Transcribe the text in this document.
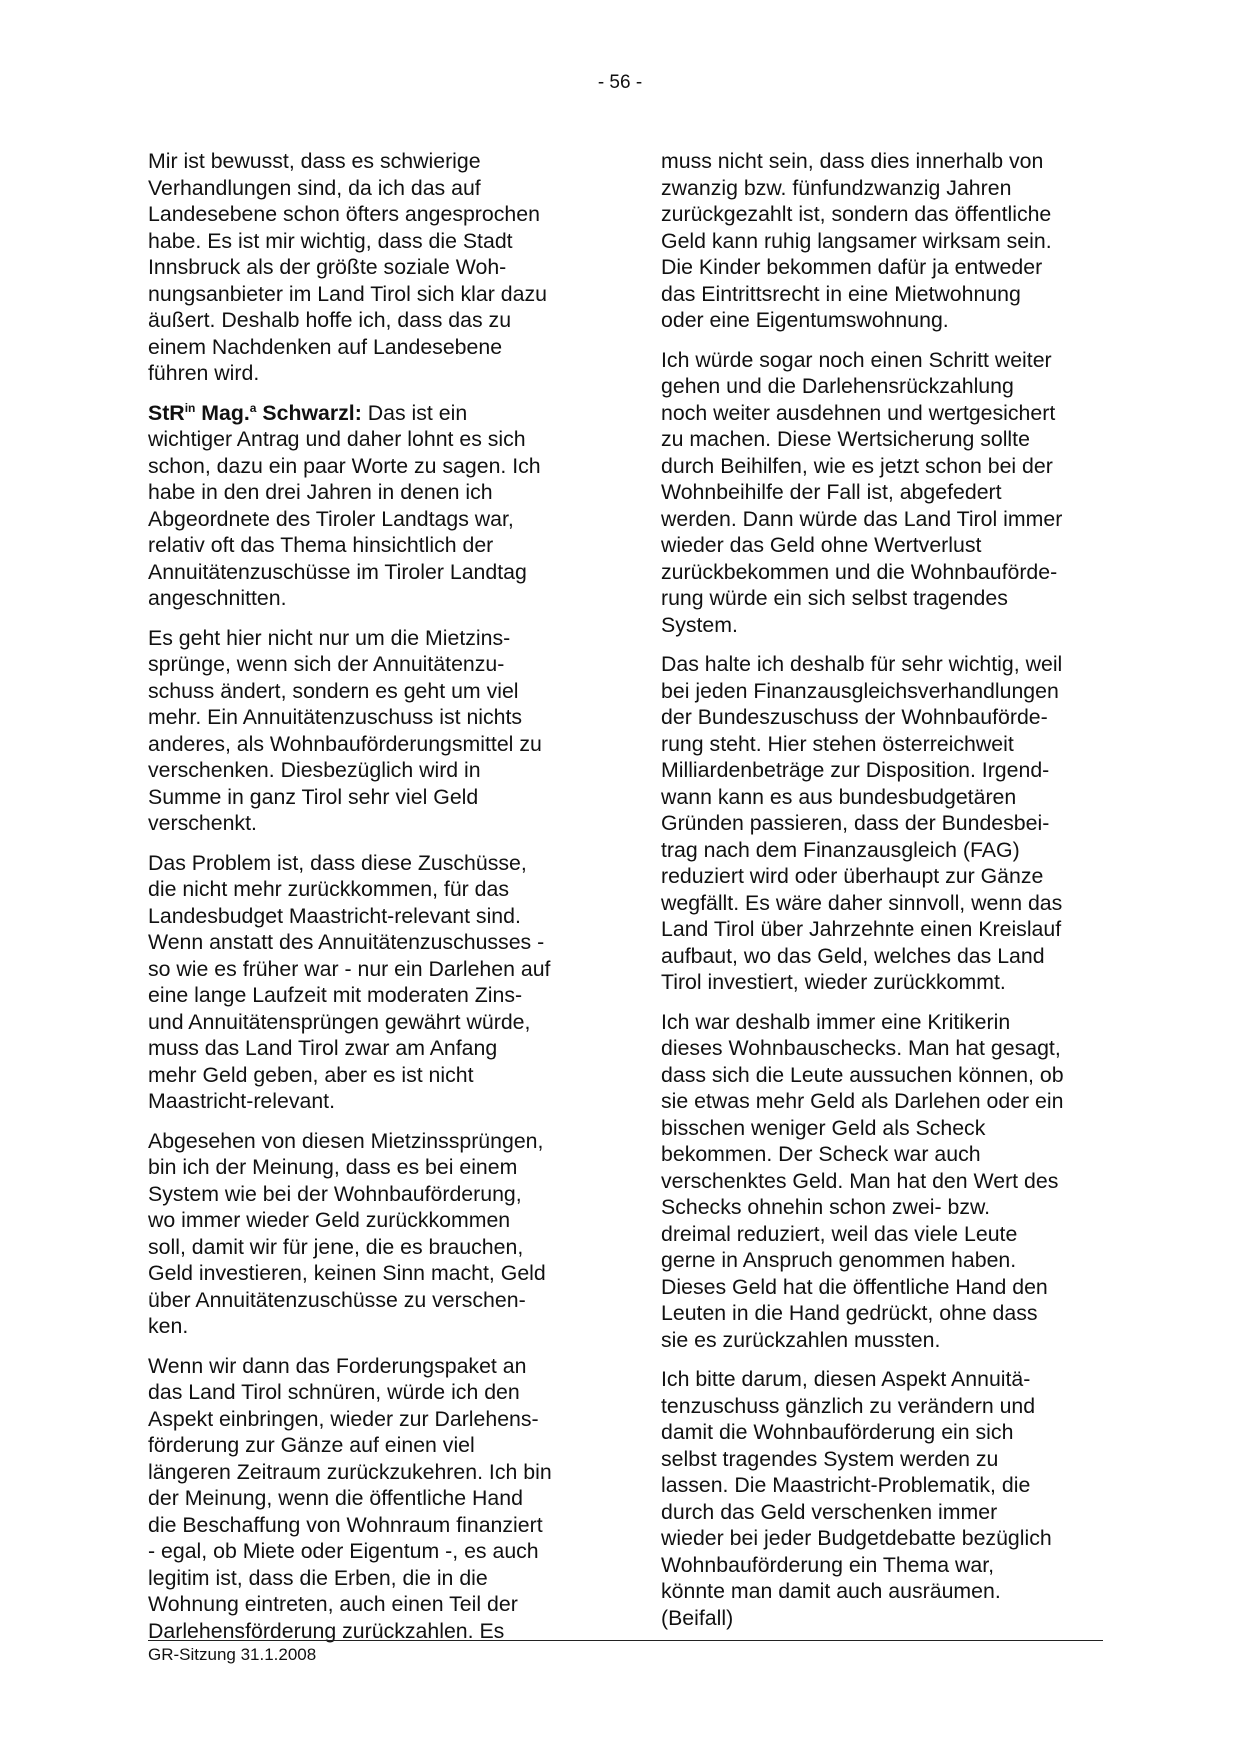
- 56 -

Mir ist bewusst, dass es schwierige
Verhandlungen sind, da ich das auf
Landesebene schon öfters angesprochen
habe. Es ist mir wichtig, dass die Stadt
Innsbruck als der größte soziale Woh-
nungsanbieter im Land Tirol sich klar dazu
äußert. Deshalb hoffe ich, dass das zu
einem Nachdenken auf Landesebene
führen wird.

StR$^{in}$ Mag.$^a$ Schwarzl: Das ist ein
wichtiger Antrag und daher lohnt es sich
schon, dazu ein paar Worte zu sagen. Ich
habe in den drei Jahren in denen ich
Abgeordnete des Tiroler Landtags war,
relativ oft das Thema hinsichtlich der
Annuitätenzuschüsse im Tiroler Landtag
angeschnitten.

Es geht hier nicht nur um die Mietzins-
sprünge, wenn sich der Annuitätenzu-
schuss ändert, sondern es geht um viel
mehr. Ein Annuitätenzuschuss ist nichts
anderes, als Wohnbauförderungsmittel zu
verschenken. Diesbezüglich wird in
Summe in ganz Tirol sehr viel Geld
verschenkt.

Das Problem ist, dass diese Zuschüsse,
die nicht mehr zurückkommen, für das
Landesbudget Maastricht-relevant sind.
Wenn anstatt des Annuitätenzuschusses -
so wie es früher war - nur ein Darlehen auf
eine lange Laufzeit mit moderaten Zins-
und Annuitätensprüngen gewährt würde,
muss das Land Tirol zwar am Anfang
mehr Geld geben, aber es ist nicht
Maastricht-relevant.

Abgesehen von diesen Mietzinssprüngen,
bin ich der Meinung, dass es bei einem
System wie bei der Wohnbauförderung,
wo immer wieder Geld zurückkommen
soll, damit wir für jene, die es brauchen,
Geld investieren, keinen Sinn macht, Geld
über Annuitätenzuschüsse zu verschen-
ken.

Wenn wir dann das Forderungspaket an
das Land Tirol schnüren, würde ich den
Aspekt einbringen, wieder zur Darlehens-
förderung zur Gänze auf einen viel
längeren Zeitraum zurückzukehren. Ich bin
der Meinung, wenn die öffentliche Hand
die Beschaffung von Wohnraum finanziert
- egal, ob Miete oder Eigentum -, es auch
legitim ist, dass die Erben, die in die
Wohnung eintreten, auch einen Teil der
Darlehensförderung zurückzahlen. Es

muss nicht sein, dass dies innerhalb von
zwanzig bzw. fünfundzwanzig Jahren
zurückgezahlt ist, sondern das öffentliche
Geld kann ruhig langsamer wirksam sein.
Die Kinder bekommen dafür ja entweder
das Eintrittsrecht in eine Mietwohnung
oder eine Eigentumswohnung.

Ich würde sogar noch einen Schritt weiter
gehen und die Darlehensrückzahlung
noch weiter ausdehnen und wertgesichert
zu machen. Diese Wertsicherung sollte
durch Beihilfen, wie es jetzt schon bei der
Wohnbeihilfe der Fall ist, abgefedert
werden. Dann würde das Land Tirol immer
wieder das Geld ohne Wertverlust
zurückbekommen und die Wohnbauförde-
rung würde ein sich selbst tragendes
System.

Das halte ich deshalb für sehr wichtig, weil
bei jeden Finanzausgleichsverhandlungen
der Bundeszuschuss der Wohnbauförde-
rung steht. Hier stehen österreichweit
Milliardenbeträge zur Disposition. Irgend-
wann kann es aus bundesbudgetären
Gründen passieren, dass der Bundesbei-
trag nach dem Finanzausgleich (FAG)
reduziert wird oder überhaupt zur Gänze
wegfällt. Es wäre daher sinnvoll, wenn das
Land Tirol über Jahrzehnte einen Kreislauf
aufbaut, wo das Geld, welches das Land
Tirol investiert, wieder zurückkommt.

Ich war deshalb immer eine Kritikerin
dieses Wohnbauschecks. Man hat gesagt,
dass sich die Leute aussuchen können, ob
sie etwas mehr Geld als Darlehen oder ein
bisschen weniger Geld als Scheck
bekommen. Der Scheck war auch
verschenktes Geld. Man hat den Wert des
Schecks ohnehin schon zwei- bzw.
dreimal reduziert, weil das viele Leute
gerne in Anspruch genommen haben.
Dieses Geld hat die öffentliche Hand den
Leuten in die Hand gedrückt, ohne dass
sie es zurückzahlen mussten.

Ich bitte darum, diesen Aspekt Annuitä-
tenzuschuss gänzlich zu verändern und
damit die Wohnbauförderung ein sich
selbst tragendes System werden zu
lassen. Die Maastricht-Problematik, die
durch das Geld verschenken immer
wieder bei jeder Budgetdebatte bezüglich
Wohnbauförderung ein Thema war,
könnte man damit auch ausräumen.
(Beifall)

GR-Sitzung 31.1.2008
